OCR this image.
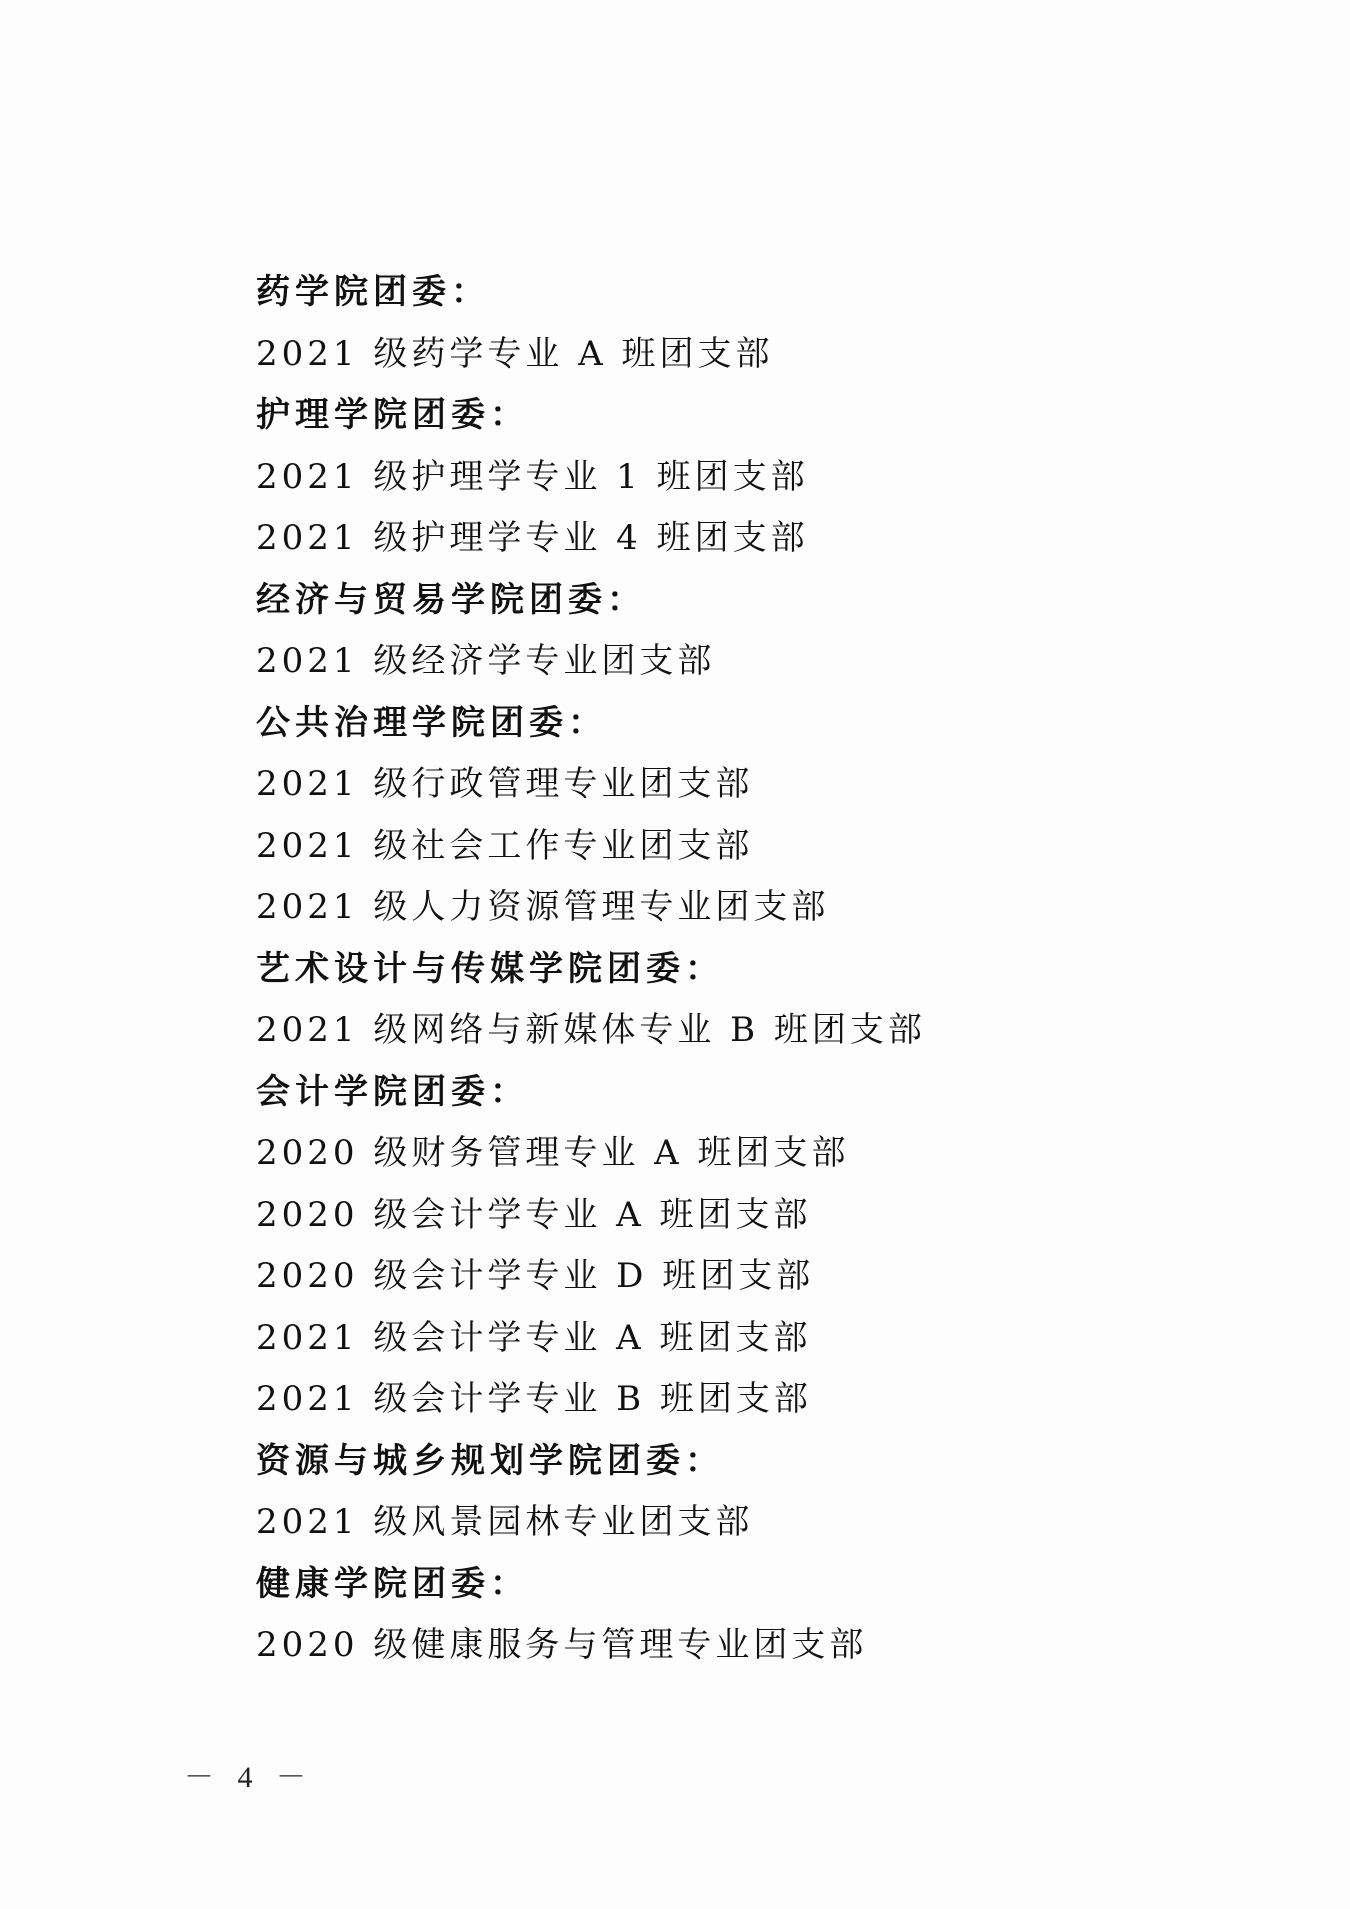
药学院团委：
2021 级药学专业 A 班团支部
护理学院团委：
2021 级护理学专业 1 班团支部
2021 级护理学专业 4 班团支部
经济与贸易学院团委：
2021 级经济学专业团支部
公共治理学院团委：
2021 级行政管理专业团支部
2021 级社会工作专业团支部
2021 级人力资源管理专业团支部
艺术设计与传媒学院团委：
2021 级网络与新媒体专业 B 班团支部
会计学院团委：
2020 级财务管理专业 A 班团支部
2020 级会计学专业 A 班团支部
2020 级会计学专业 D 班团支部
2021 级会计学专业 A 班团支部
2021 级会计学专业 B 班团支部
资源与城乡规划学院团委：
2021 级风景园林专业团支部
健康学院团委：
2020 级健康服务与管理专业团支部
－ 4 －
